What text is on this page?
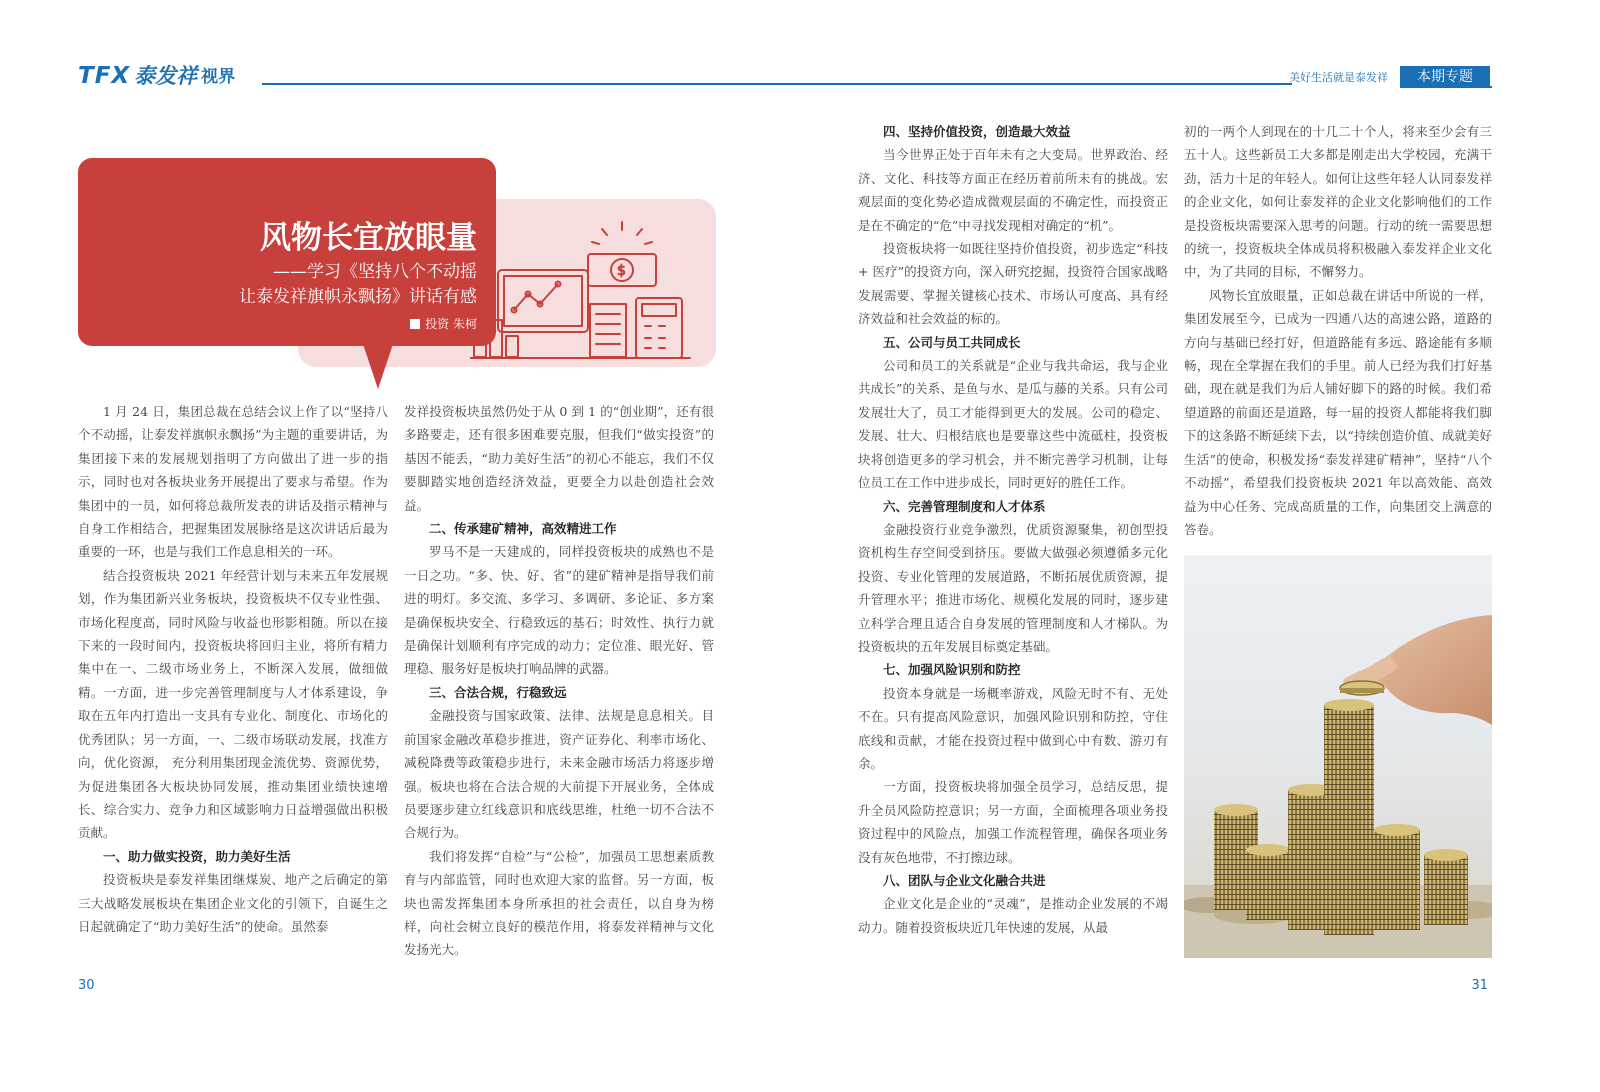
TFX 泰发祥 视界	美好生活就是泰发祥	本期专题
$
风物长宜放眼量
——学习《坚持八个不动摇
让泰发祥旗帜永飘扬》讲话有感
投资 朱柯

1 月 24 日，集团总裁在总结会议上作了以“坚持八个不动摇，让泰发祥旗帜永飘扬”为主题的重要讲话，为集团接下来的发展规划指明了方向做出了进一步的指示，同时也对各板块业务开展提出了要求与希望。作为集团中的一员，如何将总裁所发表的讲话及指示精神与自身工作相结合，把握集团发展脉络是这次讲话后最为重要的一环，也是与我们工作息息相关的一环。

结合投资板块 2021 年经营计划与未来五年发展规划，作为集团新兴业务板块，投资板块不仅专业性强、市场化程度高，同时风险与收益也形影相随。所以在接下来的一段时间内，投资板块将回归主业，将所有精力集中在一、二级市场业务上，不断深入发展，做细做精。一方面，进一步完善管理制度与人才体系建设，争取在五年内打造出一支具有专业化、制度化、市场化的优秀团队；另一方面，一、二级市场联动发展，找准方向，优化资源， 充分利用集团现金流优势、资源优势，为促进集团各大板块协同发展，推动集团业绩快速增长、综合实力、竞争力和区域影响力日益增强做出积极贡献。

一、助力做实投资，助力美好生活

投资板块是泰发祥集团继煤炭、地产之后确定的第三大战略发展板块在集团企业文化的引领下，自诞生之日起就确定了“助力美好生活”的使命。虽然泰

发祥投资板块虽然仍处于从 0 到 1 的“创业期”，还有很多路要走，还有很多困难要克服，但我们“做实投资”的基因不能丢，“助力美好生活”的初心不能忘，我们不仅要脚踏实地创造经济效益，更要全力以赴创造社会效益。

二、传承建矿精神，高效精进工作

罗马不是一天建成的，同样投资板块的成熟也不是一日之功。“多、快、好、省”的建矿精神是指导我们前进的明灯。多交流、多学习、多调研、多论证、多方案是确保板块安全、行稳致远的基石；时效性、执行力就是确保计划顺利有序完成的动力；定位准、眼光好、管理稳、服务好是板块打响品牌的武器。

三、合法合规，行稳致远

金融投资与国家政策、法律、法规是息息相关。目前国家金融改革稳步推进，资产证券化、利率市场化、减税降费等政策稳步进行，未来金融市场活力将逐步增强。板块也将在合法合规的大前提下开展业务，全体成员要逐步建立红线意识和底线思维，杜绝一切不合法不合规行为。

我们将发挥“自检”与“公检”，加强员工思想素质教育与内部监管，同时也欢迎大家的监督。另一方面，板块也需发挥集团本身所承担的社会责任，以自身为榜样，向社会树立良好的模范作用，将泰发祥精神与文化发扬光大。

四、坚持价值投资，创造最大效益

当今世界正处于百年未有之大变局。世界政治、经济、文化、科技等方面正在经历着前所未有的挑战。宏观层面的变化势必造成微观层面的不确定性，而投资正是在不确定的“危”中寻找发现相对确定的“机”。

投资板块将一如既往坚持价值投资，初步选定“科技 + 医疗”的投资方向，深入研究挖掘，投资符合国家战略发展需要、掌握关键核心技术、市场认可度高、具有经济效益和社会效益的标的。

五、公司与员工共同成长

公司和员工的关系就是“企业与我共命运，我与企业共成长”的关系、是鱼与水、是瓜与藤的关系。只有公司发展壮大了，员工才能得到更大的发展。公司的稳定、发展、壮大、归根结底也是要靠这些中流砥柱，投资板块将创造更多的学习机会，并不断完善学习机制，让每位员工在工作中进步成长，同时更好的胜任工作。

六、完善管理制度和人才体系

金融投资行业竞争激烈，优质资源聚集，初创型投资机构生存空间受到挤压。要做大做强必须遵循多元化投资、专业化管理的发展道路，不断拓展优质资源，提升管理水平；推进市场化、规模化发展的同时，逐步建立科学合理且适合自身发展的管理制度和人才梯队。为投资板块的五年发展目标奠定基础。

七、加强风险识别和防控

投资本身就是一场概率游戏，风险无时不有、无处不在。只有提高风险意识，加强风险识别和防控，守住底线和贡献，才能在投资过程中做到心中有数、游刃有余。

一方面，投资板块将加强全员学习，总结反思，提升全员风险防控意识；另一方面，全面梳理各项业务投资过程中的风险点，加强工作流程管理，确保各项业务没有灰色地带，不打擦边球。

八、团队与企业文化融合共进

企业文化是企业的“灵魂”，是推动企业发展的不竭动力。随着投资板块近几年快速的发展，从最

初的一两个人到现在的十几二十个人，将来至少会有三五十人。这些新员工大多都是刚走出大学校园，充满干劲，活力十足的年轻人。如何让这些年轻人认同泰发祥的企业文化，如何让泰发祥的企业文化影响他们的工作是投资板块需要深入思考的问题。行动的统一需要思想的统一，投资板块全体成员将积极融入泰发祥企业文化中，为了共同的目标，不懈努力。

风物长宜放眼量，正如总裁在讲话中所说的一样，集团发展至今，已成为一四通八达的高速公路，道路的方向与基础已经打好，但道路能有多远、路途能有多顺畅，现在全掌握在我们的手里。前人已经为我们打好基础，现在就是我们为后人铺好脚下的路的时候。我们希望道路的前面还是道路，每一届的投资人都能将我们脚下的这条路不断延续下去，以“持续创造价值、成就美好生活”的使命，积极发扬“泰发祥建矿精神”，坚持“八个不动摇”，希望我们投资板块 2021 年以高效能、高效益为中心任务、完成高质量的工作，向集团交上满意的答卷。

30	31
